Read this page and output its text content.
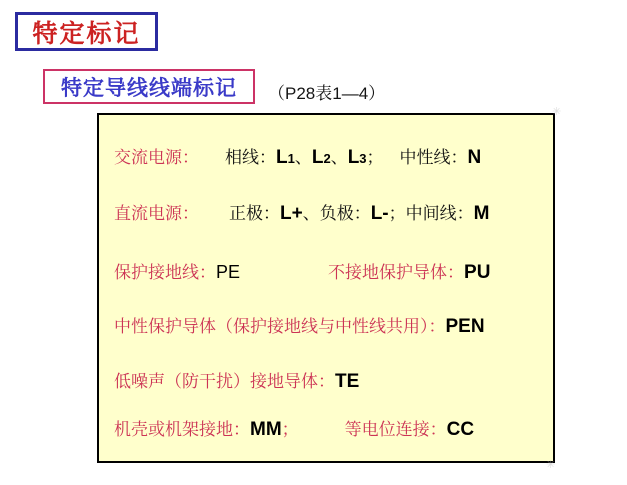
特定标记
特定导线线端标记 （P28表1—4）
交流电源： 相线：L1、L2、L3； 中性线：N
直流电源： 正极：L+、负极：L-；中间线：M
保护接地线：PE	不接地保护导体：PU
中性保护导体（保护接地线与中性线共用）：PEN
低噪声（防干扰）接地导体：TE
机壳或机架接地：MM；	等电位连接：CC
✳
✳
